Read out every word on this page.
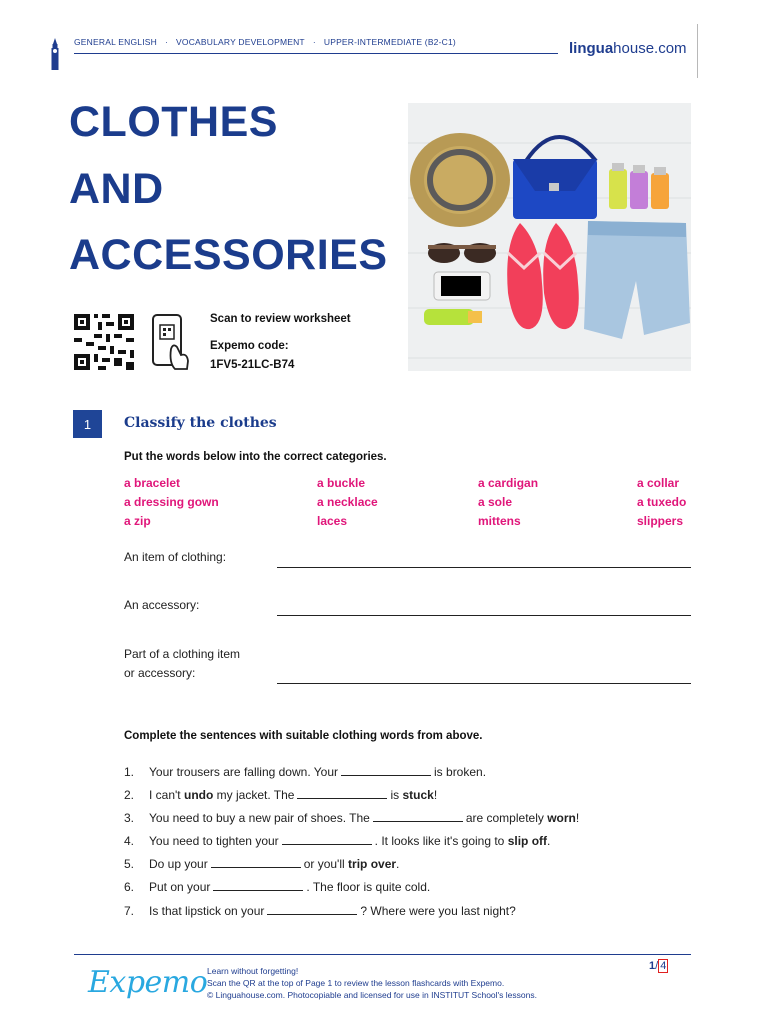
GENERAL ENGLISH · VOCABULARY DEVELOPMENT · UPPER-INTERMEDIATE (B2-C1)	linguahouse.com
CLOTHES
AND
ACCESSORIES
Scan to review worksheet
Expemo code:
1FV5-21LC-B74
1	Classify the clothes
Put the words below into the correct categories.
a bracelet	a buckle	a cardigan	a collar
a dressing gown	a necklace	a sole	a tuxedo
a zip	laces	mittens	slippers
An item of clothing:
An accessory:
Part of a clothing item
or accessory:
Complete the sentences with suitable clothing words from above.
1. Your trousers are falling down. Your	is broken.
2. I can't undo my jacket. The	is stuck!
3. You need to buy a new pair of shoes. The	are completely worn!
4. You need to tighten your	. It looks like it's going to slip off.
5. Do up your	or you'll trip over.
6. Put on your	. The floor is quite cold.
7. Is that lipstick on your	? Where were you last night?
Expemo Learn without forgetting!
Scan the QR at the top of Page 1 to review the lesson flashcards with Expemo.
© Linguahouse.com. Photocopiable and licensed for use in INSTITUT School's lessons.
1/ 4
